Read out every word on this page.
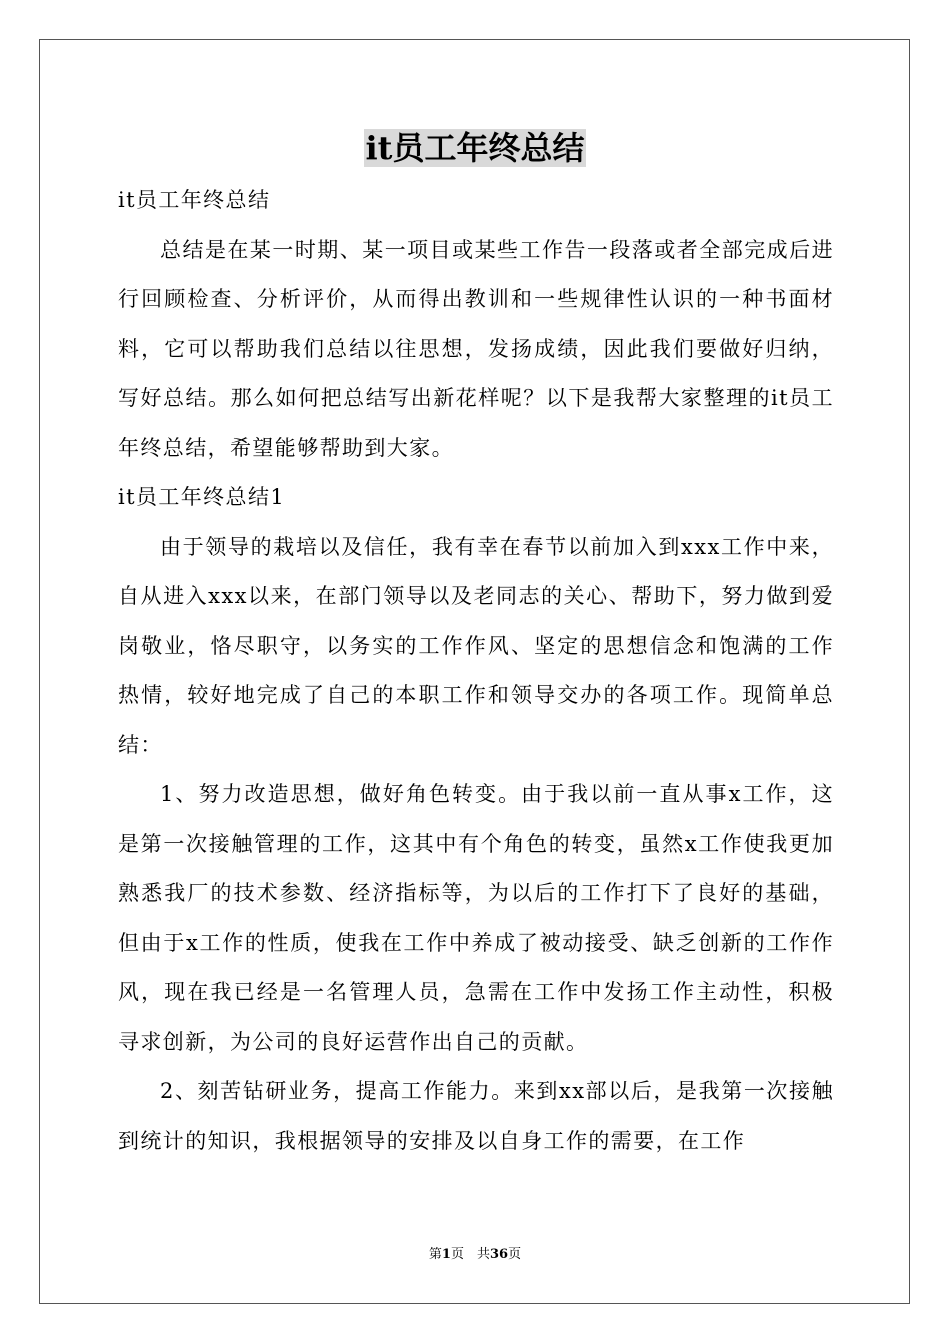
it员工年终总结

it员工年终总结

总结是在某一时期、某一项目或某些工作告一段落或者全部完成后进行回顾检查、分析评价，从而得出教训和一些规律性认识的一种书面材料，它可以帮助我们总结以往思想，发扬成绩，因此我们要做好归纳，写好总结。那么如何把总结写出新花样呢？以下是我帮大家整理的it员工年终总结，希望能够帮助到大家。

it员工年终总结1

由于领导的栽培以及信任，我有幸在春节以前加入到xxx工作中来，自从进入xxx以来，在部门领导以及老同志的关心、帮助下，努力做到爱岗敬业，恪尽职守，以务实的工作作风、坚定的思想信念和饱满的工作热情，较好地完成了自己的本职工作和领导交办的各项工作。现简单总结：

1、努力改造思想，做好角色转变。由于我以前一直从事x工作，这是第一次接触管理的工作，这其中有个角色的转变，虽然x工作使我更加熟悉我厂的技术参数、经济指标等，为以后的工作打下了良好的基础，但由于x工作的性质，使我在工作中养成了被动接受、缺乏创新的工作作风，现在我已经是一名管理人员，急需在工作中发扬工作主动性，积极寻求创新，为公司的良好运营作出自己的贡献。

2、刻苦钻研业务，提高工作能力。来到xx部以后，是我第一次接触到统计的知识，我根据领导的安排及以自身工作的需要，在工作

第1页　共36页
